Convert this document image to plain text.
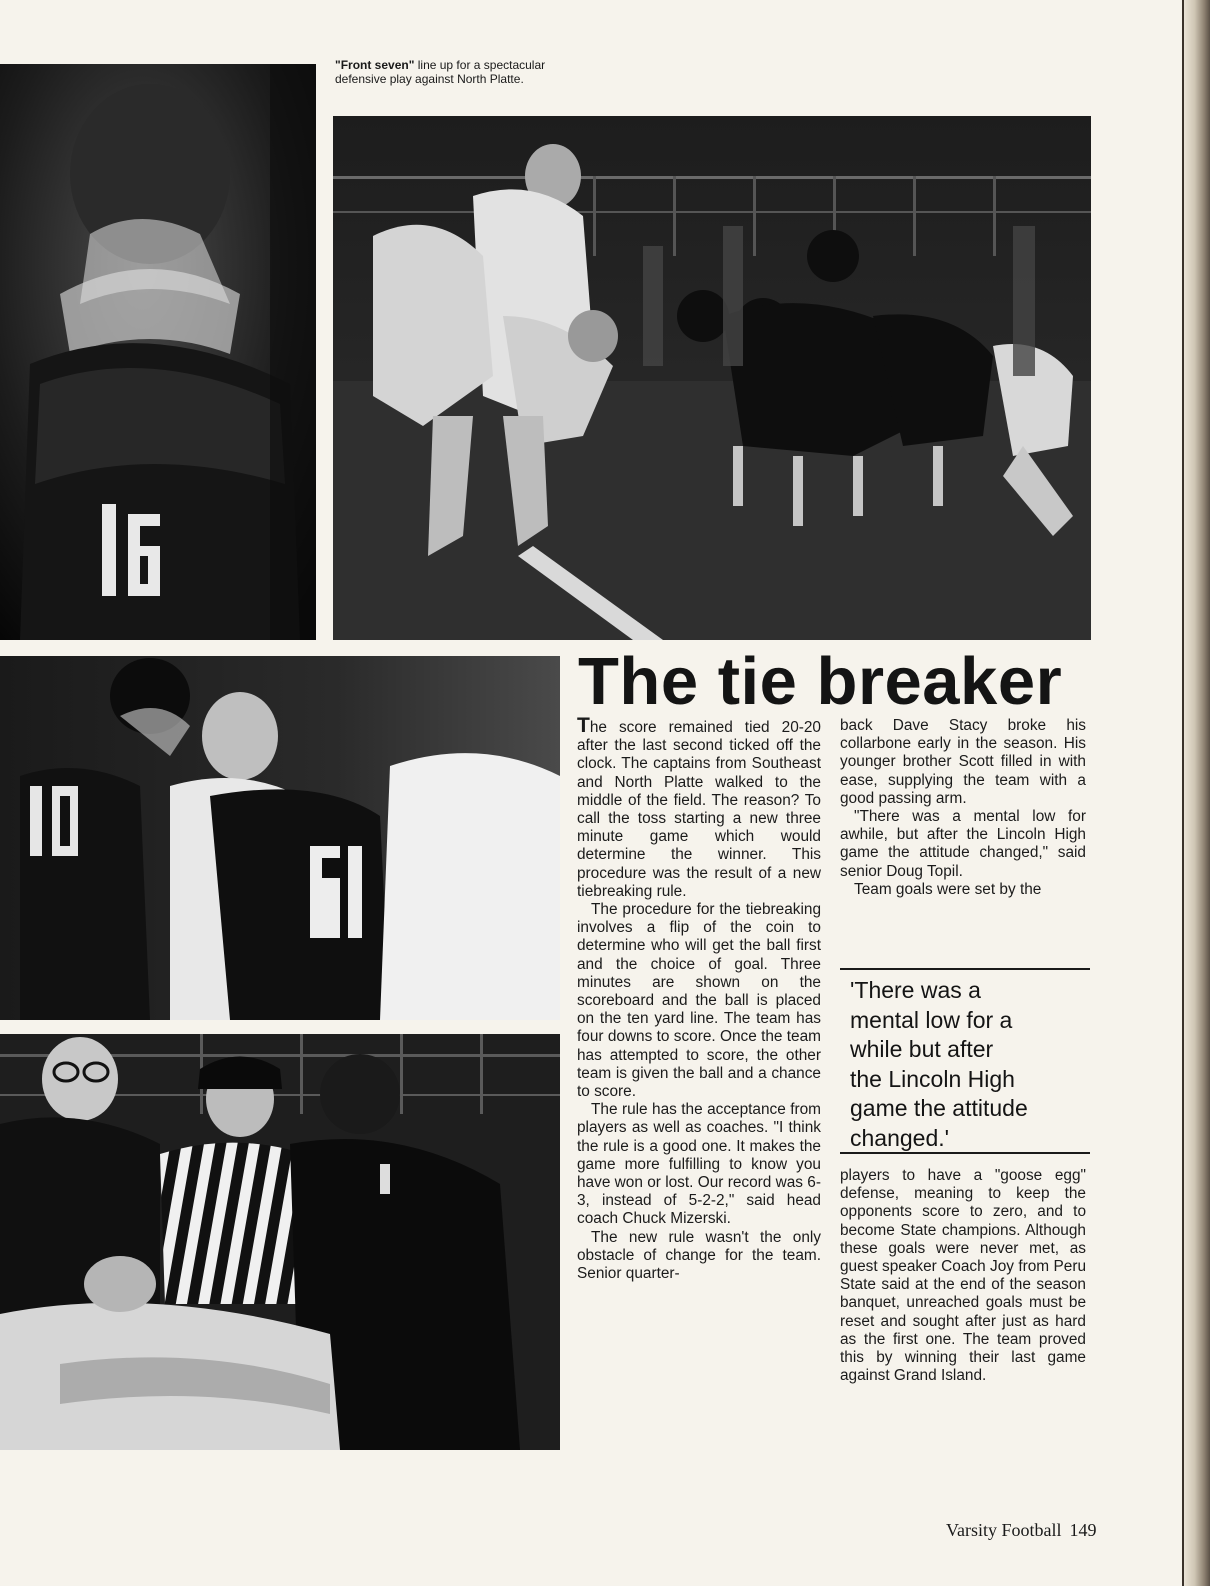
"Front seven" line up for a spectacular defensive play against North Platte.
The tie breaker

The score remained tied 20-20 after the last second ticked off the clock. The captains from Southeast and North Platte walked to the middle of the field. The reason? To call the toss starting a new three minute game which would determine the winner. This procedure was the result of a new tiebreaking rule.

The procedure for the tiebreaking involves a flip of the coin to determine who will get the ball first and the choice of goal. Three minutes are shown on the scoreboard and the ball is placed on the ten yard line. The team has four downs to score. Once the team has attempted to score, the other team is given the ball and a chance to score.

The rule has the acceptance from players as well as coaches. "I think the rule is a good one. It makes the game more fulfilling to know you have won or lost. Our record was 6-3, instead of 5-2-2," said head coach Chuck Mizerski.

The new rule wasn't the only obstacle of change for the team. Senior quarter-

back Dave Stacy broke his collarbone early in the season. His younger brother Scott filled in with ease, supplying the team with a good passing arm.

"There was a mental low for awhile, but after the Lincoln High game the attitude changed," said senior Doug Topil.

Team goals were set by the

'There was a
mental low for a
while but after
the Lincoln High
game the attitude
changed.'

players to have a "goose egg" defense, meaning to keep the opponents score to zero, and to become State champions. Although these goals were never met, as guest speaker Coach Joy from Peru State said at the end of the season banquet, unreached goals must be reset and sought after just as hard as the first one. The team proved this by winning their last game against Grand Island.

Varsity Football 149
